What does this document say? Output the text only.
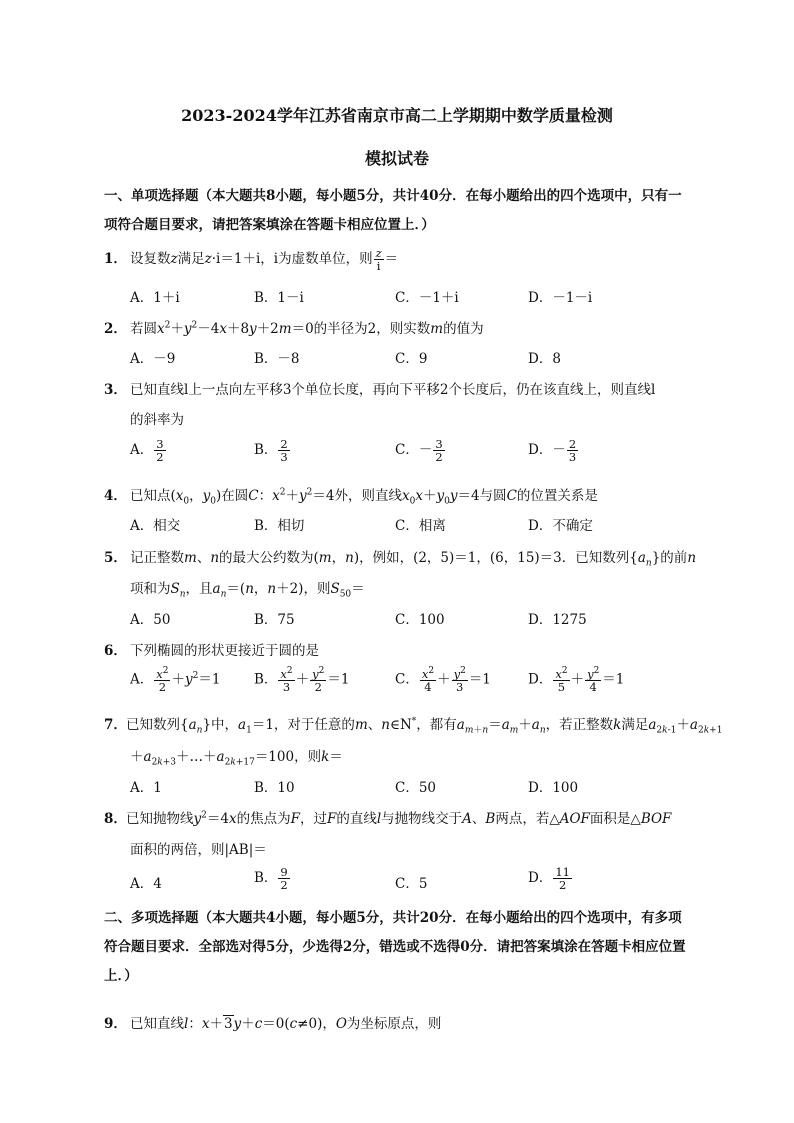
2023-2024学年江苏省南京市高二上学期期中数学质量检测
模拟试卷
一、单项选择题（本大题共8小题，每小题5分，共计40分．在每小题给出的四个选项中，只有一项符合题目要求，请把答案填涂在答题卡相应位置上．）
1． 设复数z满足z·i＝1＋i，i为虚数单位，则 $\frac{z}{i}$ ＝
A．1＋i	B．1－i	C．－1＋i	D．－1－i
2． 若圆$x^2+y^2-4x+8y+2m=0$的半径为2，则实数m的值为
A．－9	B．－8	C．9	D．8
3． 已知直线l上一点向左平移3个单位长度，再向下平移2个长度后，仍在该直线上，则直线l
的斜率为
A． $\frac{3}{2}$	B． $\frac{2}{3}$	C．－ $\frac{3}{2}$	D．－ $\frac{2}{3}$
4． 已知点($x_0$，$y_0$)在圆C：$x^2+y^2=4$外，则直线$x_0x+y_0y=4$与圆C的位置关系是
A．相交	B．相切	C．相离	D．不确定
5． 记正整数m、n的最大公约数为(m，n)，例如，(2，5)＝1，(6，15)＝3．已知数列$\{a_n\}$的前n
项和为$S_n$，且$a_n=(n$，n＋2)，则$S_{50}=$
A．50	B．75	C．100	D．1275
6． 下列椭圆的形状更接近于圆的是
A． $\frac{x^2}{2} +y^2=1$ B． $\frac{x^2}{3} + \frac{y^2}{2} =1$	C． $\frac{x^2}{4} + \frac{y^2}{3} =1$	D． $\frac{x^2}{5} + \frac{y^2}{4} =1$
7．已知数列$\{a_n\}$中，$a_1=1$，对于任意的m、n∈N*，都有$a_{m+n}=a_m+a_n$，若正整数k满足$a_{2k-1}+a_{2k+1}$
$+a_{2k+3}+\dots+a_{2k+17}=100$，则k＝
A．1	B．10	C．50	D．100
8．已知抛物线$y^2=4x$的焦点为F，过F的直线l与抛物线交于A、B两点，若△AOF面积是△BOF
面积的两倍，则|AB|＝
A．4	B． $\frac{9}{2}$	C．5	D． $\frac{11}{2}$
二、多项选择题（本大题共4小题，每小题5分，共计20分．在每小题给出的四个选项中，有多项符合题目要求．全部选对得5分，少选得2分，错选或不选得0分．请把答案填涂在答题卡相应位置上．）
9． 已知直线l：x＋3y＋c＝0(c≠0)，O为坐标原点，则
